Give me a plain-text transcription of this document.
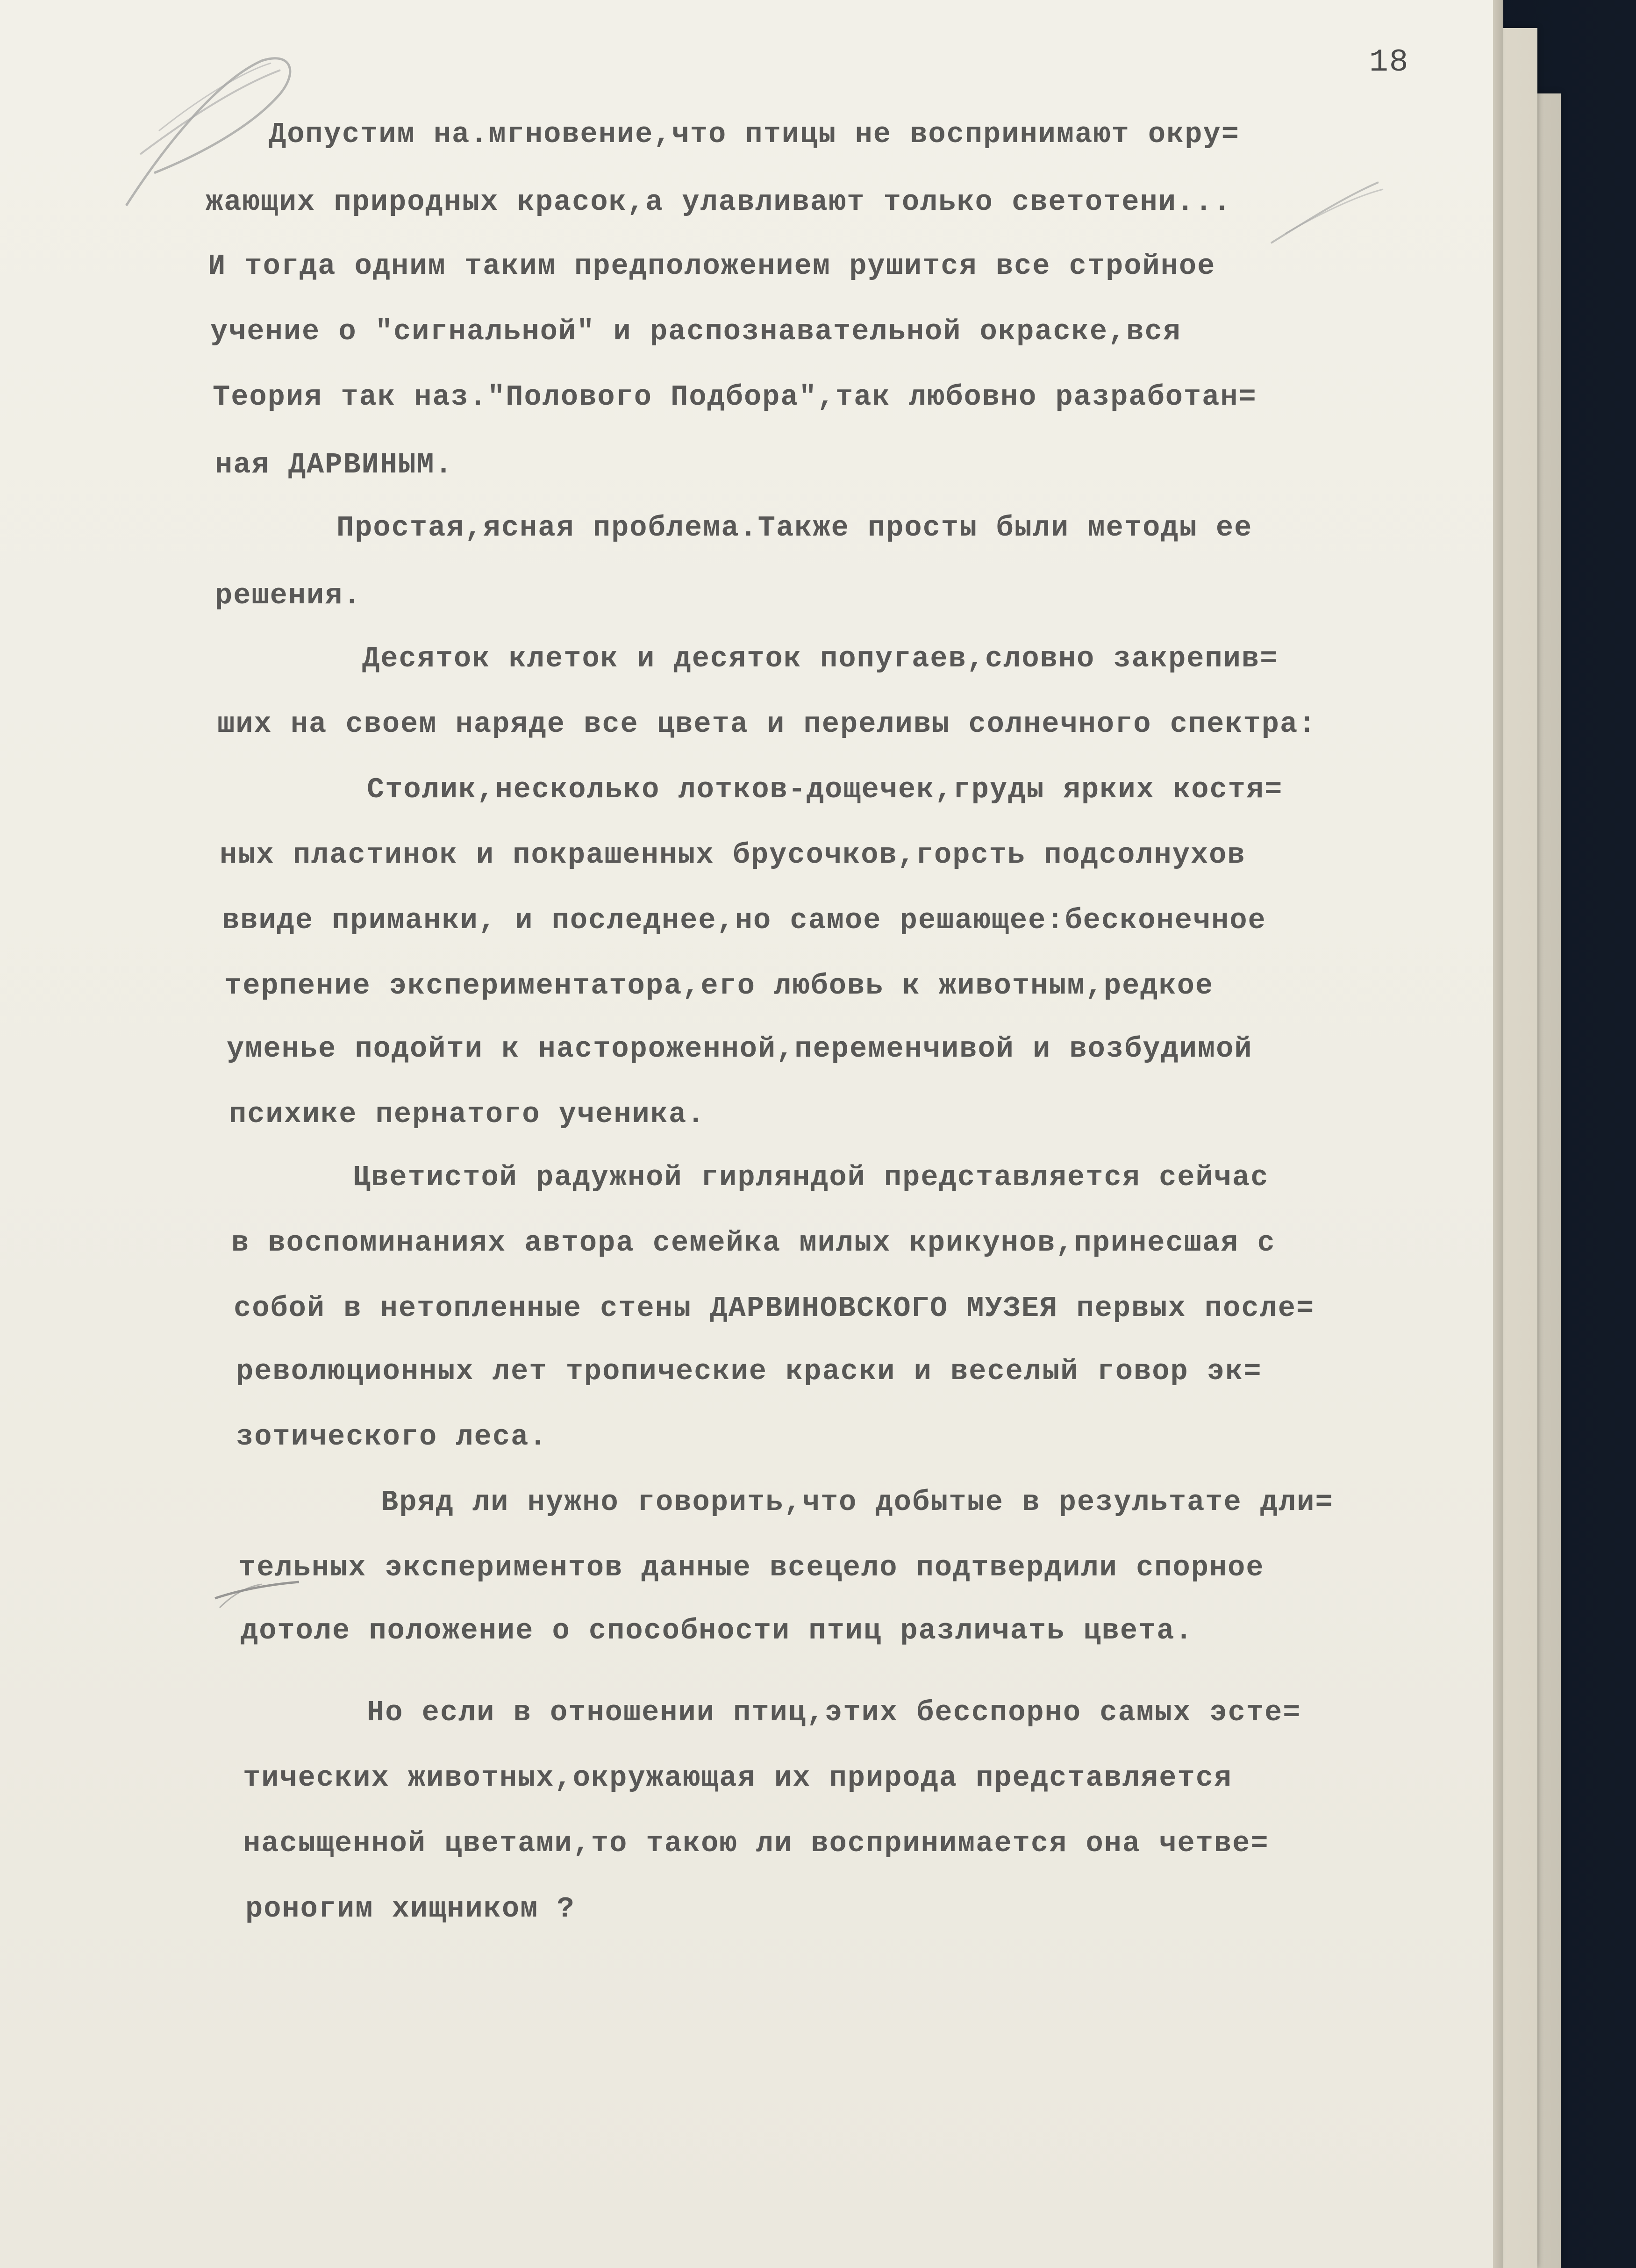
18
Допустим на.мгновение,что птицы не воспринимают окру=
жающих природных красок,а улавливают только светотени...
И тогда одним таким предположением рушится все стройное
учение о "сигнальной" и распознавательной окраске,вся
Теория так наз."Полового Подбора",так любовно разработан=
ная ДАРВИНЫМ.
Простая,ясная проблема.Также просты были методы ее
решения.
Десяток клеток и десяток попугаев,словно закрепив=
ших на своем наряде все цвета и переливы солнечного спектра:
Столик,несколько лотков-дощечек,груды ярких костя=
ных пластинок и покрашенных брусочков,горсть подсолнухов
ввиде приманки, и последнее,но самое решающее:бесконечное
терпение экспериментатора,его любовь к животным,редкое
уменье подойти к настороженной,переменчивой и возбудимой
психике пернатого ученика.
Цветистой радужной гирляндой представляется сейчас
в воспоминаниях автора семейка милых крикунов,принесшая с
собой в нетопленные стены ДАРВИНОВСКОГО МУЗЕЯ первых после=
революционных лет тропические краски и веселый говор эк=
зотического леса.
Вряд ли нужно говорить,что добытые в результате дли=
тельных экспериментов данные всецело подтвердили спорное
дотоле положение о способности птиц различать цвета.
Но если в отношении птиц,этих бесспорно самых эсте=
тических животных,окружающая их природа представляется
насыщенной цветами,то такою ли воспринимается она четве=
роногим хищником ?
